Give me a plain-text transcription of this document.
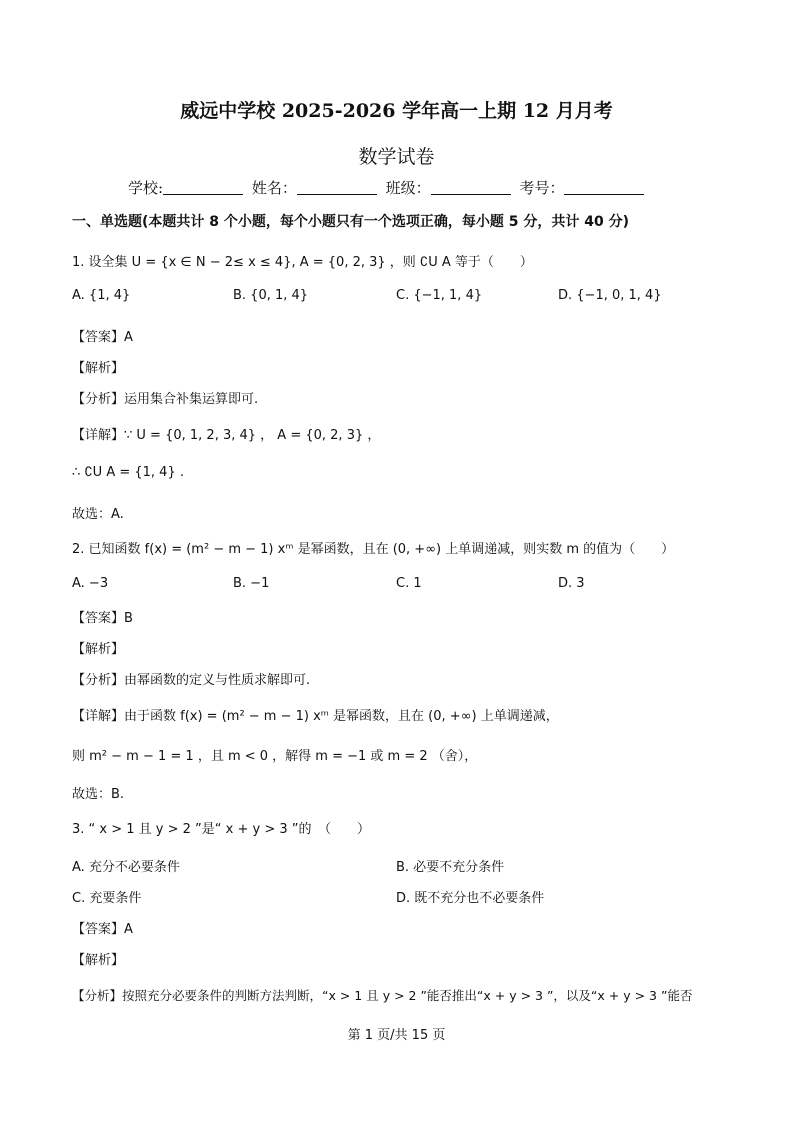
威远中学校 2025-2026 学年高一上期 12 月月考
数学试卷
学校:	姓名：	班级：	考号：
一、单选题(本题共计 8 个小题，每个小题只有一个选项正确，每小题 5 分，共计 40 分)
1. 设全集 U = {x ∈ N − 2≤ x ≤ 4}, A = {0, 2, 3} ，则 ∁U A 等于（　　）
A. {1, 4}	B. {0, 1, 4}	C. {−1, 1, 4}	D. {−1, 0, 1, 4}
【答案】A
【解析】
【分析】运用集合补集运算即可.
【详解】∵ U = {0, 1, 2, 3, 4} ， A = {0, 2, 3} ，
∴ ∁U A = {1, 4} .
故选：A.
2. 已知函数 f(x) = (m² − m − 1) xᵐ 是幂函数，且在 (0, +∞) 上单调递减，则实数 m 的值为（　　）
A. −3	B. −1	C. 1	D. 3
【答案】B
【解析】
【分析】由幂函数的定义与性质求解即可.
【详解】由于函数 f(x) = (m² − m − 1) xᵐ 是幂函数，且在 (0, +∞) 上单调递减，
则 m² − m − 1 = 1 ，且 m < 0 ，解得 m = −1 或 m = 2 （舍），
故选：B.
3. “ x > 1 且 y > 2 ”是“ x + y > 3 ”的　（　　）
A. 充分不必要条件	B. 必要不充分条件
C. 充要条件	D. 既不充分也不必要条件
【答案】A
【解析】
【分析】按照充分必要条件的判断方法判断，“x > 1 且 y > 2 ”能否推出“x + y > 3 ”，以及“x + y > 3 ”能否
第 1 页/共 15 页
